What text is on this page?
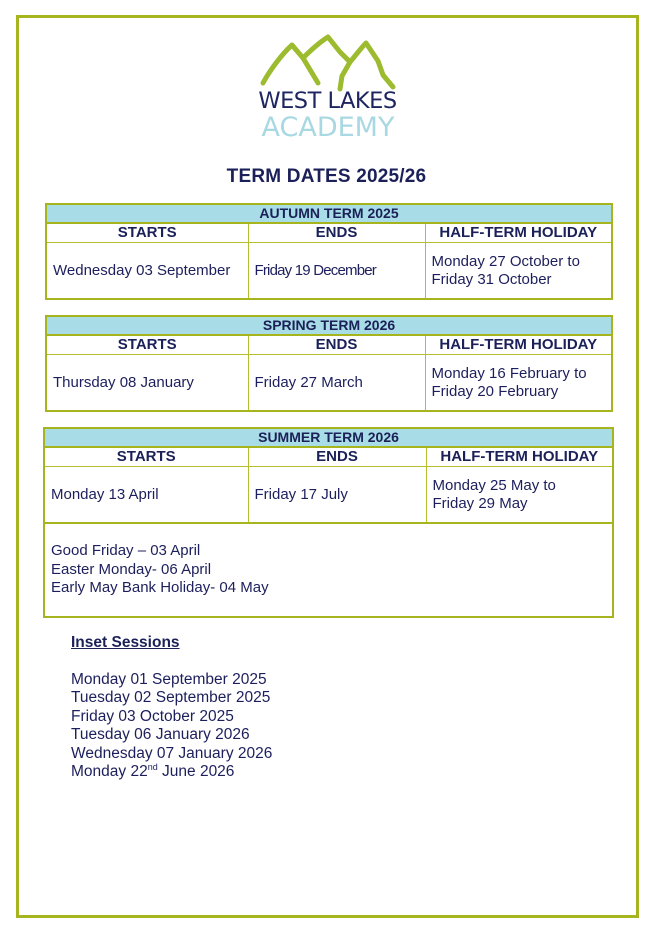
WEST LAKES
ACADEMY
TERM DATES 2025/26
AUTUMN TERM 2025		
STARTS	ENDS	HALF-TERM HOLIDAY
Wednesday 03 September	Friday 19 December	Monday 27 October to
Friday 31 October
SPRING TERM 2026		
STARTS	ENDS	HALF-TERM HOLIDAY
Thursday 08 January	Friday 27 March	Monday 16 February to
Friday 20 February
SUMMER TERM 2026		
STARTS	ENDS	HALF-TERM HOLIDAY
Monday 13 April	Friday 17 July	Monday 25 May to
Friday 29 May

Good Friday – 03 April
Easter Monday- 06 April
Early May Bank Holiday- 04 May		
Inset Sessions
Monday 01 September 2025
Tuesday 02 September 2025
Friday 03 October 2025
Tuesday 06 January 2026
Wednesday 07 January 2026
Monday 22nd June 2026
